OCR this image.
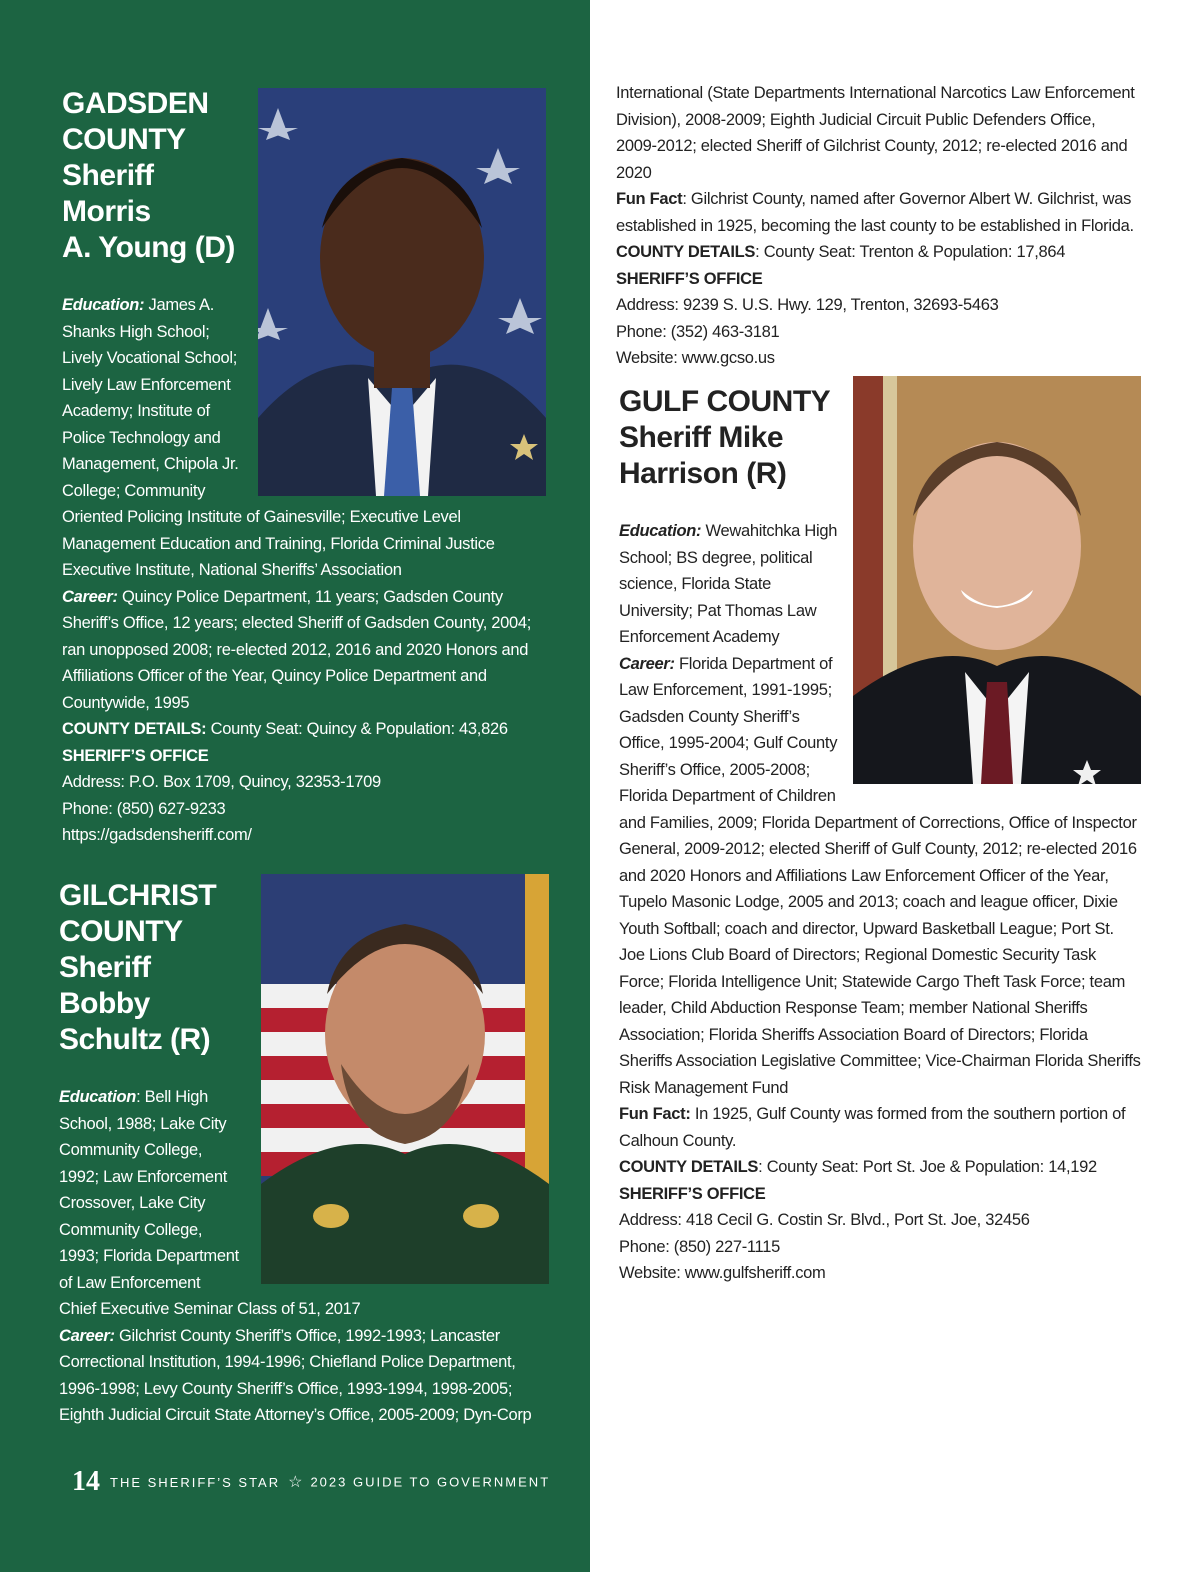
GADSDEN
COUNTY
Sheriff Morris
A. Young (D)

Education: James A. Shanks High School; Lively Vocational School; Lively Law Enforcement Academy; Institute of Police Technology and Management, Chipola Jr. College; Community Oriented Policing Institute of Gainesville; Executive Level Management Education and Training, Florida Criminal Justice Executive Institute, National Sheriffs’ Association

Career: Quincy Police Department, 11 years; Gadsden County Sheriff’s Office, 12 years; elected Sheriff of Gadsden County, 2004; ran unopposed 2008; re-elected 2012, 2016 and 2020 Honors and Affiliations Officer of the Year, Quincy Police Department and Countywide, 1995

COUNTY DETAILS: County Seat: Quincy & Population: 43,826

SHERIFF’S OFFICE

Address: P.O. Box 1709, Quincy, 32353-1709

Phone: (850) 627-9233

https://gadsdensheriff.com/

GILCHRIST
COUNTY
Sheriff Bobby
Schultz (R)

Education: Bell High School, 1988; Lake City Community College, 1992; Law Enforcement Crossover, Lake City Community College, 1993; Florida Department of Law Enforcement Chief Executive Seminar Class of 51, 2017

Career: Gilchrist County Sheriff’s Office, 1992-1993; Lancaster Correctional Institution, 1994-1996; Chiefland Police Department, 1996-1998; Levy County Sheriff’s Office, 1993-1994, 1998-2005; Eighth Judicial Circuit State Attorney’s Office, 2005-2009; Dyn-Corp

14 THE SHERIFF’S STAR ☆ 2023 GUIDE TO GOVERNMENT

International (State Departments International Narcotics Law Enforcement Division), 2008-2009; Eighth Judicial Circuit Public Defenders Office, 2009-2012; elected Sheriff of Gilchrist County, 2012; re-elected 2016 and 2020

Fun Fact: Gilchrist County, named after Governor Albert W. Gilchrist, was established in 1925, becoming the last county to be established in Florida.

COUNTY DETAILS: County Seat: Trenton & Population: 17,864

SHERIFF’S OFFICE

Address: 9239 S. U.S. Hwy. 129, Trenton, 32693-5463

Phone: (352) 463-3181

Website: www.gcso.us

GULF COUNTY
Sheriff Mike
Harrison (R)

Education: Wewahitchka High School; BS degree, political science, Florida State University; Pat Thomas Law Enforcement Academy

Career: Florida Department of Law Enforcement, 1991-1995; Gadsden County Sheriff’s Office, 1995-2004; Gulf County Sheriff’s Office, 2005-2008; Florida Department of Children and Families, 2009; Florida Department of Corrections, Office of Inspector General, 2009-2012; elected Sheriff of Gulf County, 2012; re-elected 2016 and 2020 Honors and Affiliations Law Enforcement Officer of the Year, Tupelo Masonic Lodge, 2005 and 2013; coach and league officer, Dixie Youth Softball; coach and director, Upward Basketball League; Port St. Joe Lions Club Board of Directors; Regional Domestic Security Task Force; Florida Intelligence Unit; Statewide Cargo Theft Task Force; team leader, Child Abduction Response Team; member National Sheriffs Association; Florida Sheriffs Association Board of Directors; Florida Sheriffs Association Legislative Committee; Vice-Chairman Florida Sheriffs Risk Management Fund

Fun Fact: In 1925, Gulf County was formed from the southern portion of Calhoun County.

COUNTY DETAILS: County Seat: Port St. Joe & Population: 14,192

SHERIFF’S OFFICE

Address: 418 Cecil G. Costin Sr. Blvd., Port St. Joe, 32456

Phone: (850) 227-1115

Website: www.gulfsheriff.com
